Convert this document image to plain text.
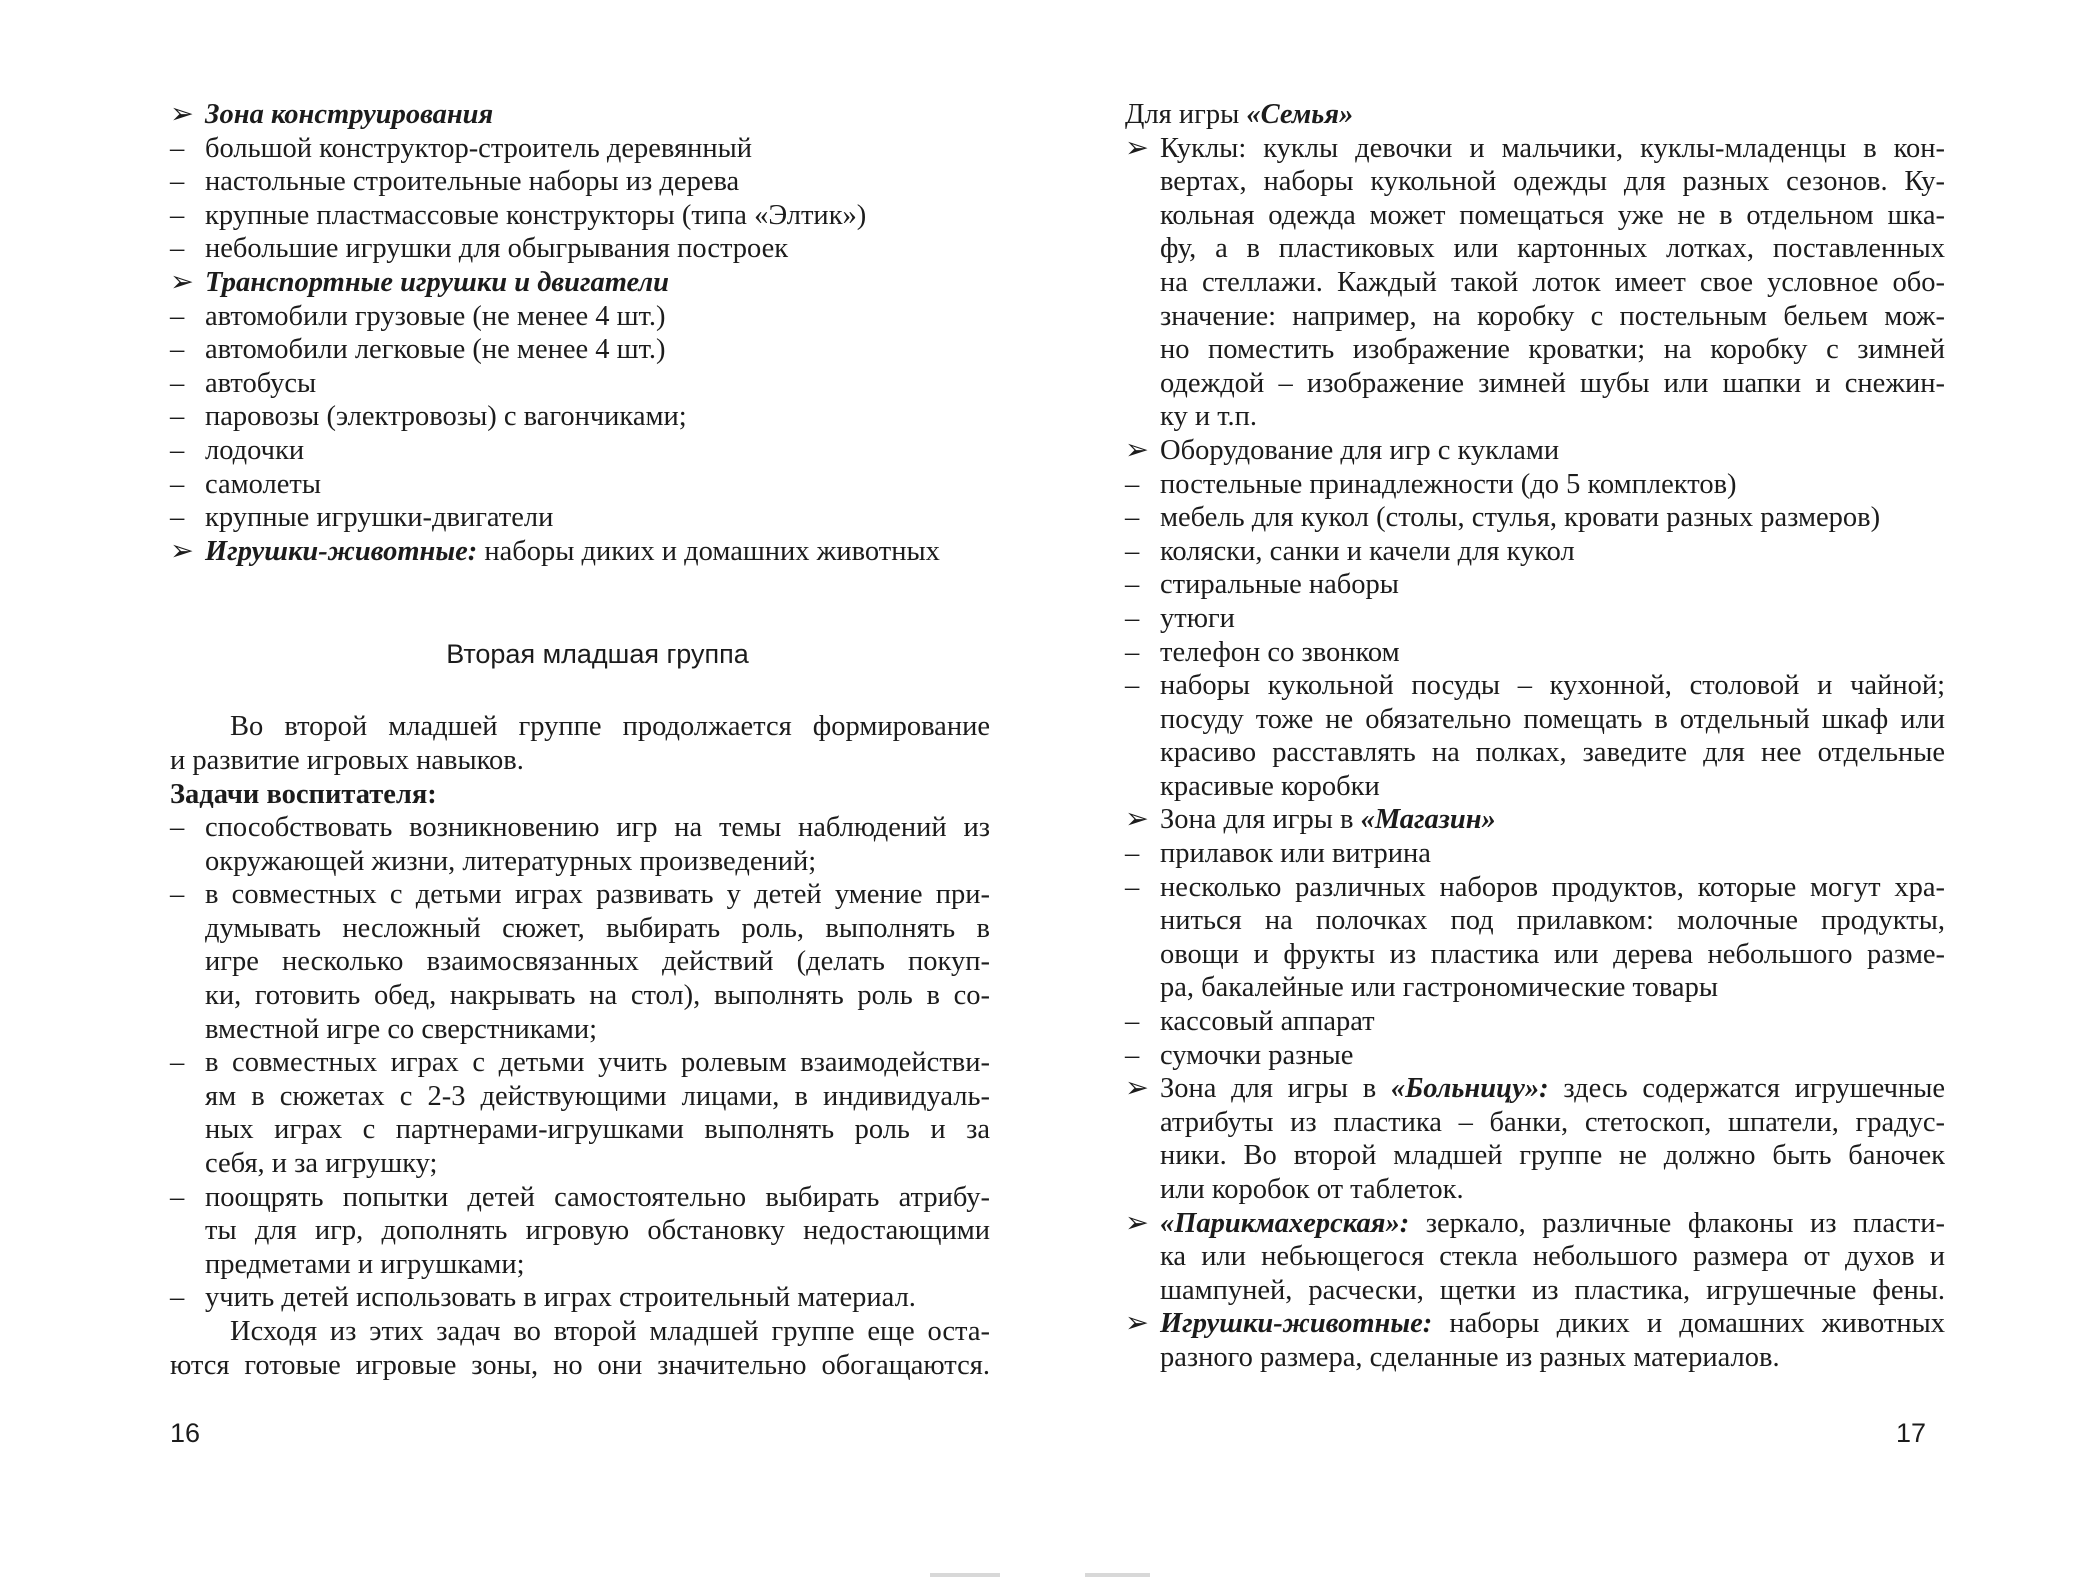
➢ Зона конструирования
– большой конструктор-строитель деревянный
– настольные строительные наборы из дерева
– крупные пластмассовые конструкторы (типа «Элтик»)
– небольшие игрушки для обыгрывания построек
➢ Транспортные игрушки и двигатели
– автомобили грузовые (не менее 4 шт.)
– автомобили легковые (не менее 4 шт.)
– автобусы
– паровозы (электровозы) с вагончиками;
– лодочки
– самолеты
– крупные игрушки-двигатели
➢ Игрушки-животные: наборы диких и домашних животных
Вторая младшая группа
Во второй младшей группе продолжается формирование
и развитие игровых навыков.
Задачи воспитателя:
– способствовать возникновению игр на темы наблюдений из
окружающей жизни, литературных произведений;
– в совместных с детьми играх развивать у детей умение при-
думывать несложный сюжет, выбирать роль, выполнять в
игре несколько взаимосвязанных действий (делать покуп-
ки, готовить обед, накрывать на стол), выполнять роль в со-
вместной игре со сверстниками;
– в совместных играх с детьми учить ролевым взаимодействи-
ям в сюжетах с 2-3 действующими лицами, в индивидуаль-
ных играх с партнерами-игрушками выполнять роль и за
себя, и за игрушку;
– поощрять попытки детей самостоятельно выбирать атрибу-
ты для игр, дополнять игровую обстановку недостающими
предметами и игрушками;
– учить детей использовать в играх строительный материал.
Исходя из этих задач во второй младшей группе еще оста-
ются готовые игровые зоны, но они значительно обогащаются.
Для игры «Семья»
➢ Куклы: куклы девочки и мальчики, куклы-младенцы в кон-
вертах, наборы кукольной одежды для разных сезонов. Ку-
кольная одежда может помещаться уже не в отдельном шка-
фу, а в пластиковых или картонных лотках, поставленных
на стеллажи. Каждый такой лоток имеет свое условное обо-
значение: например, на коробку с постельным бельем мож-
но поместить изображение кроватки; на коробку с зимней
одеждой – изображение зимней шубы или шапки и снежин-
ку и т.п.
➢ Оборудование для игр с куклами
– постельные принадлежности (до 5 комплектов)
– мебель для кукол (столы, стулья, кровати разных размеров)
– коляски, санки и качели для кукол
– стиральные наборы
– утюги
– телефон со звонком
– наборы кукольной посуды – кухонной, столовой и чайной;
посуду тоже не обязательно помещать в отдельный шкаф или
красиво расставлять на полках, заведите для нее отдельные
красивые коробки
➢ Зона для игры в «Магазин»
– прилавок или витрина
– несколько различных наборов продуктов, которые могут хра-
ниться на полочках под прилавком: молочные продукты,
овощи и фрукты из пластика или дерева небольшого разме-
ра, бакалейные или гастрономические товары
– кассовый аппарат
– сумочки разные
➢ Зона для игры в «Больницу»: здесь содержатся игрушечные
атрибуты из пластика – банки, стетоскоп, шпатели, градус-
ники. Во второй младшей группе не должно быть баночек
или коробок от таблеток.
➢ «Парикмахерская»: зеркало, различные флаконы из пласти-
ка или небьющегося стекла небольшого размера от духов и
шампуней, расчески, щетки из пластика, игрушечные фены.
➢ Игрушки-животные: наборы диких и домашних животных
разного размера, сделанные из разных материалов.
16	17
